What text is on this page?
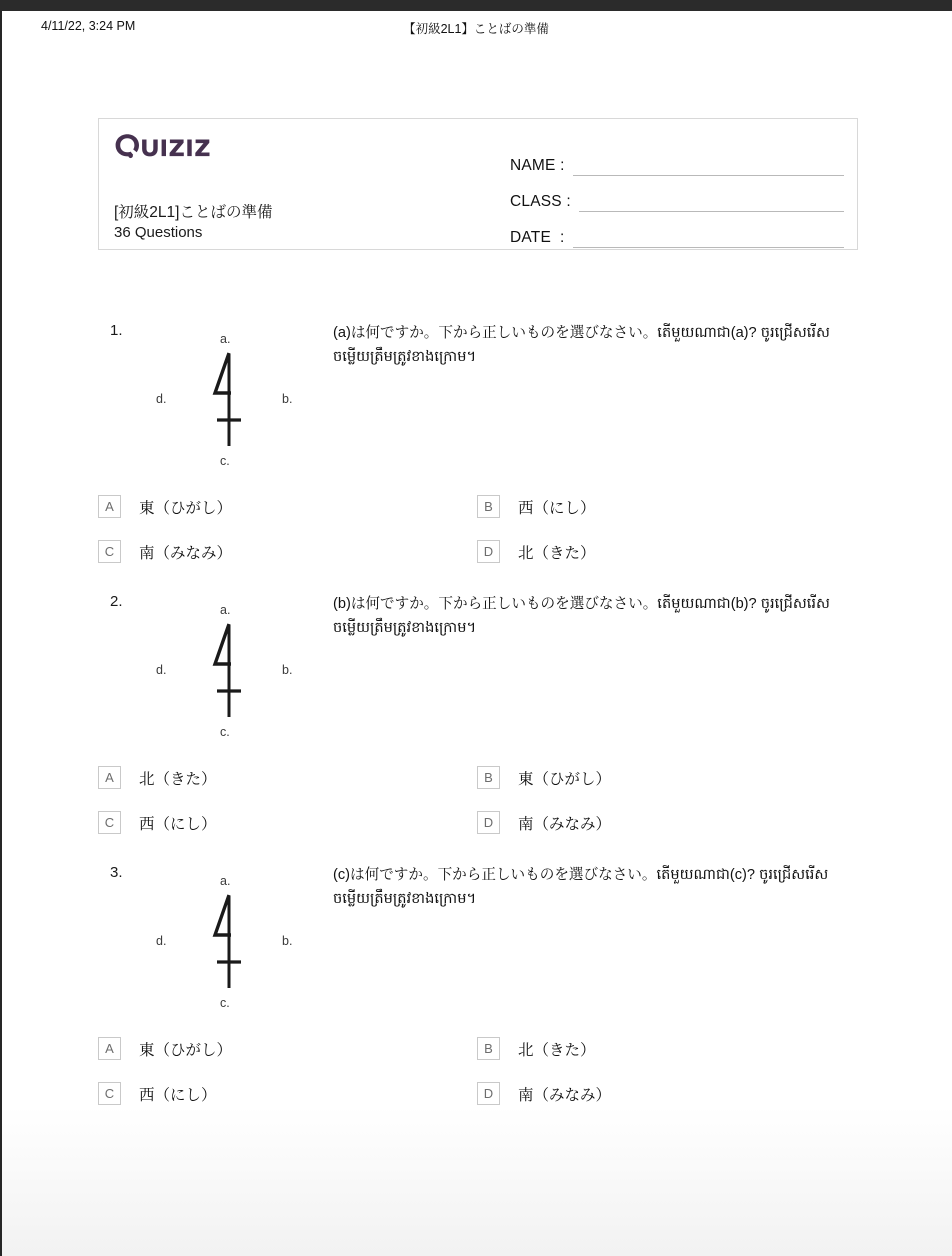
4/11/22, 3:24 PM	【初級2L1】ことばの準備
[初級2L1]ことばの準備
36 Questions
NAME :
CLASS :
DATE  :
1.	(a)は何ですか。下から正しいものを選びなさい。តើមួយណាជា(a)? ចូរជ្រើសរើសចម្លើយត្រឹមត្រូវខាងក្រោម។
a.
b.
c.
d.
A	東（ひがし）	B	西（にし）
C	南（みなみ）	D	北（きた）
2.	(b)は何ですか。下から正しいものを選びなさい。តើមួយណាជា(b)? ចូរជ្រើសរើសចម្លើយត្រឹមត្រូវខាងក្រោម។
a.
b.
c.
d.
A	北（きた）	B	東（ひがし）
C	西（にし）	D	南（みなみ）
3.	(c)は何ですか。下から正しいものを選びなさい。តើមួយណាជា(c)? ចូរជ្រើសរើសចម្លើយត្រឹមត្រូវខាងក្រោម។
a.
b.
c.
d.
A	東（ひがし）	B	北（きた）
C	西（にし）	D	南（みなみ）
